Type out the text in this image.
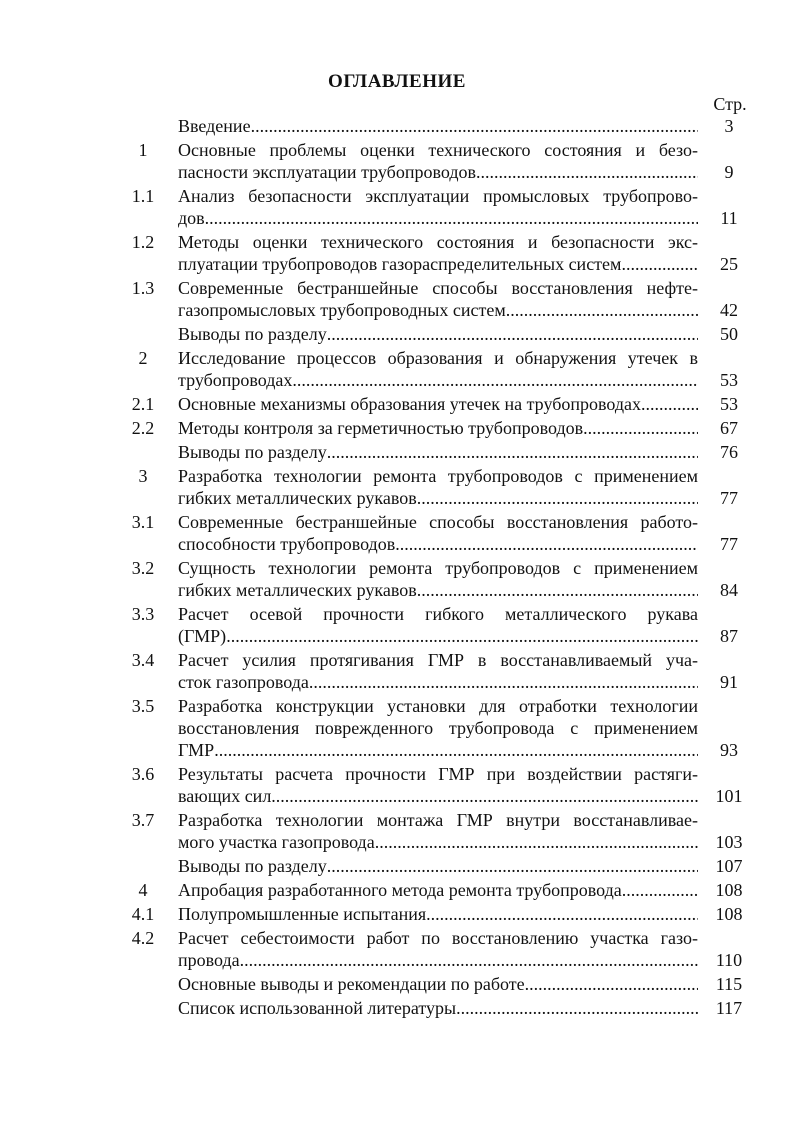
ОГЛАВЛЕНИЕ
Стр.
Введение .....	3
1	Основные проблемы оценки технического состояния и безо-
пасности эксплуатации трубопроводов .....	9
1.1	Анализ безопасности эксплуатации промысловых трубопрово-
дов .....	11
1.2	Методы оценки технического состояния и безопасности экс-
плуатации трубопроводов газораспределительных систем .....	25
1.3	Современные бестраншейные способы восстановления нефте-
газопромысловых трубопроводных систем .....	42
Выводы по разделу .....	50
2	Исследование процессов образования и обнаружения утечек в
трубопроводах .....	53
2.1	Основные механизмы образования утечек на трубопроводах .....	53
2.2	Методы контроля за герметичностью трубопроводов .....	67
Выводы по разделу .....	76
3	Разработка технологии ремонта трубопроводов с применением
гибких металлических рукавов .....	77
3.1	Современные бестраншейные способы восстановления работо-
способности трубопроводов .....	77
3.2	Сущность технологии ремонта трубопроводов с применением
гибких металлических рукавов .....	84
3.3	Расчет осевой прочности гибкого металлического рукава
(ГМР) .....	87
3.4	Расчет усилия протягивания ГМР в восстанавливаемый уча-
сток газопровода .....	91
3.5	Разработка конструкции установки для отработки технологии
восстановления поврежденного трубопровода с применением
ГМР .....	93
3.6	Результаты расчета прочности ГМР при воздействии растяги-
вающих сил .....	101
3.7	Разработка технологии монтажа ГМР внутри восстанавливае-
мого участка газопровода .....	103
Выводы по разделу .....	107
4	Апробация разработанного метода ремонта трубопровода .....	108
4.1	Полупромышленные испытания .....	108
4.2	Расчет себестоимости работ по восстановлению участка газо-
провода .....	110
Основные выводы и рекомендации по работе .....	115
Список использованной литературы .....	117
